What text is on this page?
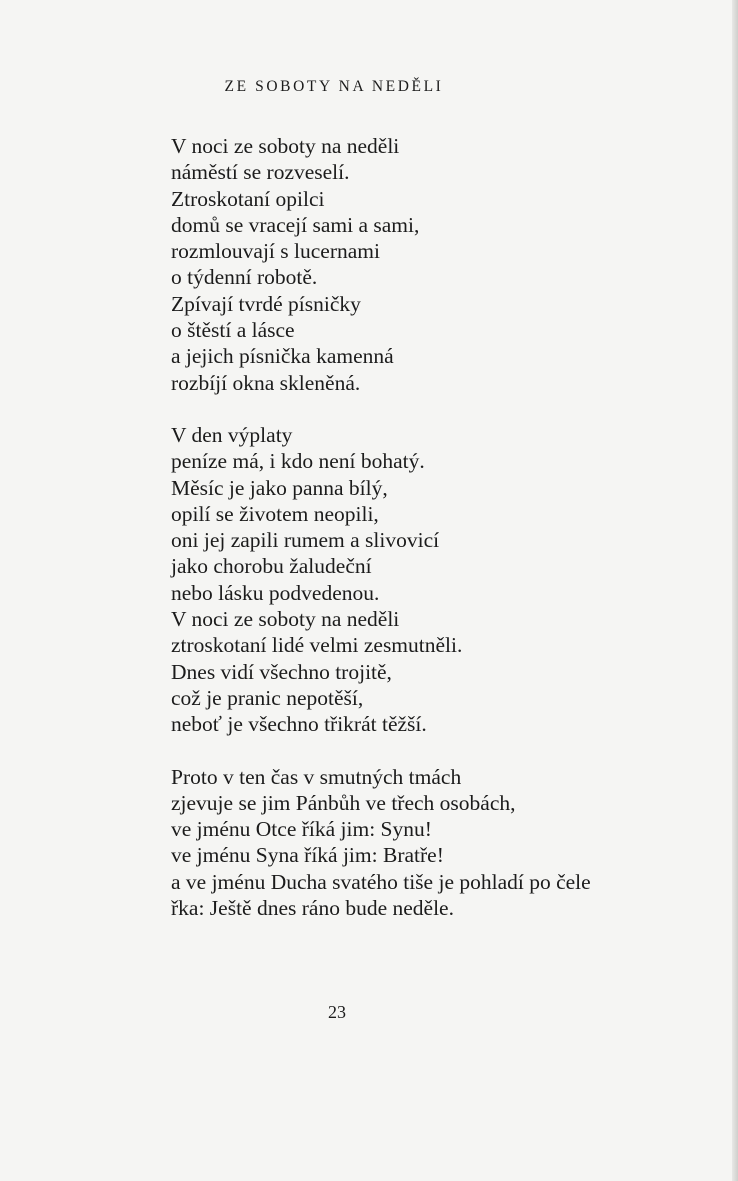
ZE SOBOTY NA NEDĚLI

V noci ze soboty na neděli
náměstí se rozveselí.
Ztroskotaní opilci
domů se vracejí sami a sami,
rozmlouvají s lucernami
o týdenní robotě.
Zpívají tvrdé písničky
o štěstí a lásce
a jejich písnička kamenná
rozbíjí okna skleněná.

V den výplaty
peníze má, i kdo není bohatý.
Měsíc je jako panna bílý,
opilí se životem neopili,
oni jej zapili rumem a slivovicí
jako chorobu žaludeční
nebo lásku podvedenou.
V noci ze soboty na neděli
ztroskotaní lidé velmi zesmutněli.
Dnes vidí všechno trojitě,
což je pranic nepotěší,
neboť je všechno třikrát těžší.

Proto v ten čas v smutných tmách
zjevuje se jim Pánbůh ve třech osobách,
ve jménu Otce říká jim: Synu!
ve jménu Syna říká jim: Bratře!
a ve jménu Ducha svatého tiše je pohladí po čele
řka: Ještě dnes ráno bude neděle.

23
